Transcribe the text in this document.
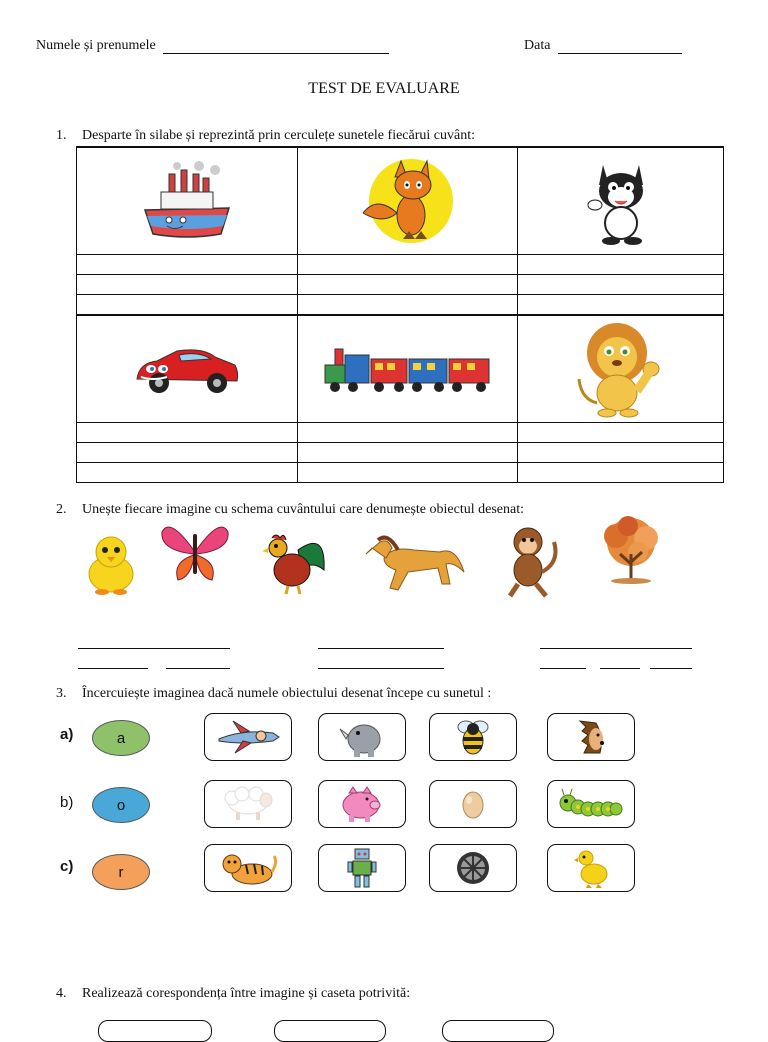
Numele și prenumele	Data
TEST DE EVALUARE
1. Desparte în silabe și reprezintă prin cerculețe sunetele fiecărui cuvânt:

2. Unește fiecare imagine cu schema cuvântului care denumește obiectul desenat:
3. Încercuiește imaginea dacă numele obiectului desenat începe cu sunetul :
a)	a
b)	o
c)	r
4. Realizează corespondența între imagine și caseta potrivită:
